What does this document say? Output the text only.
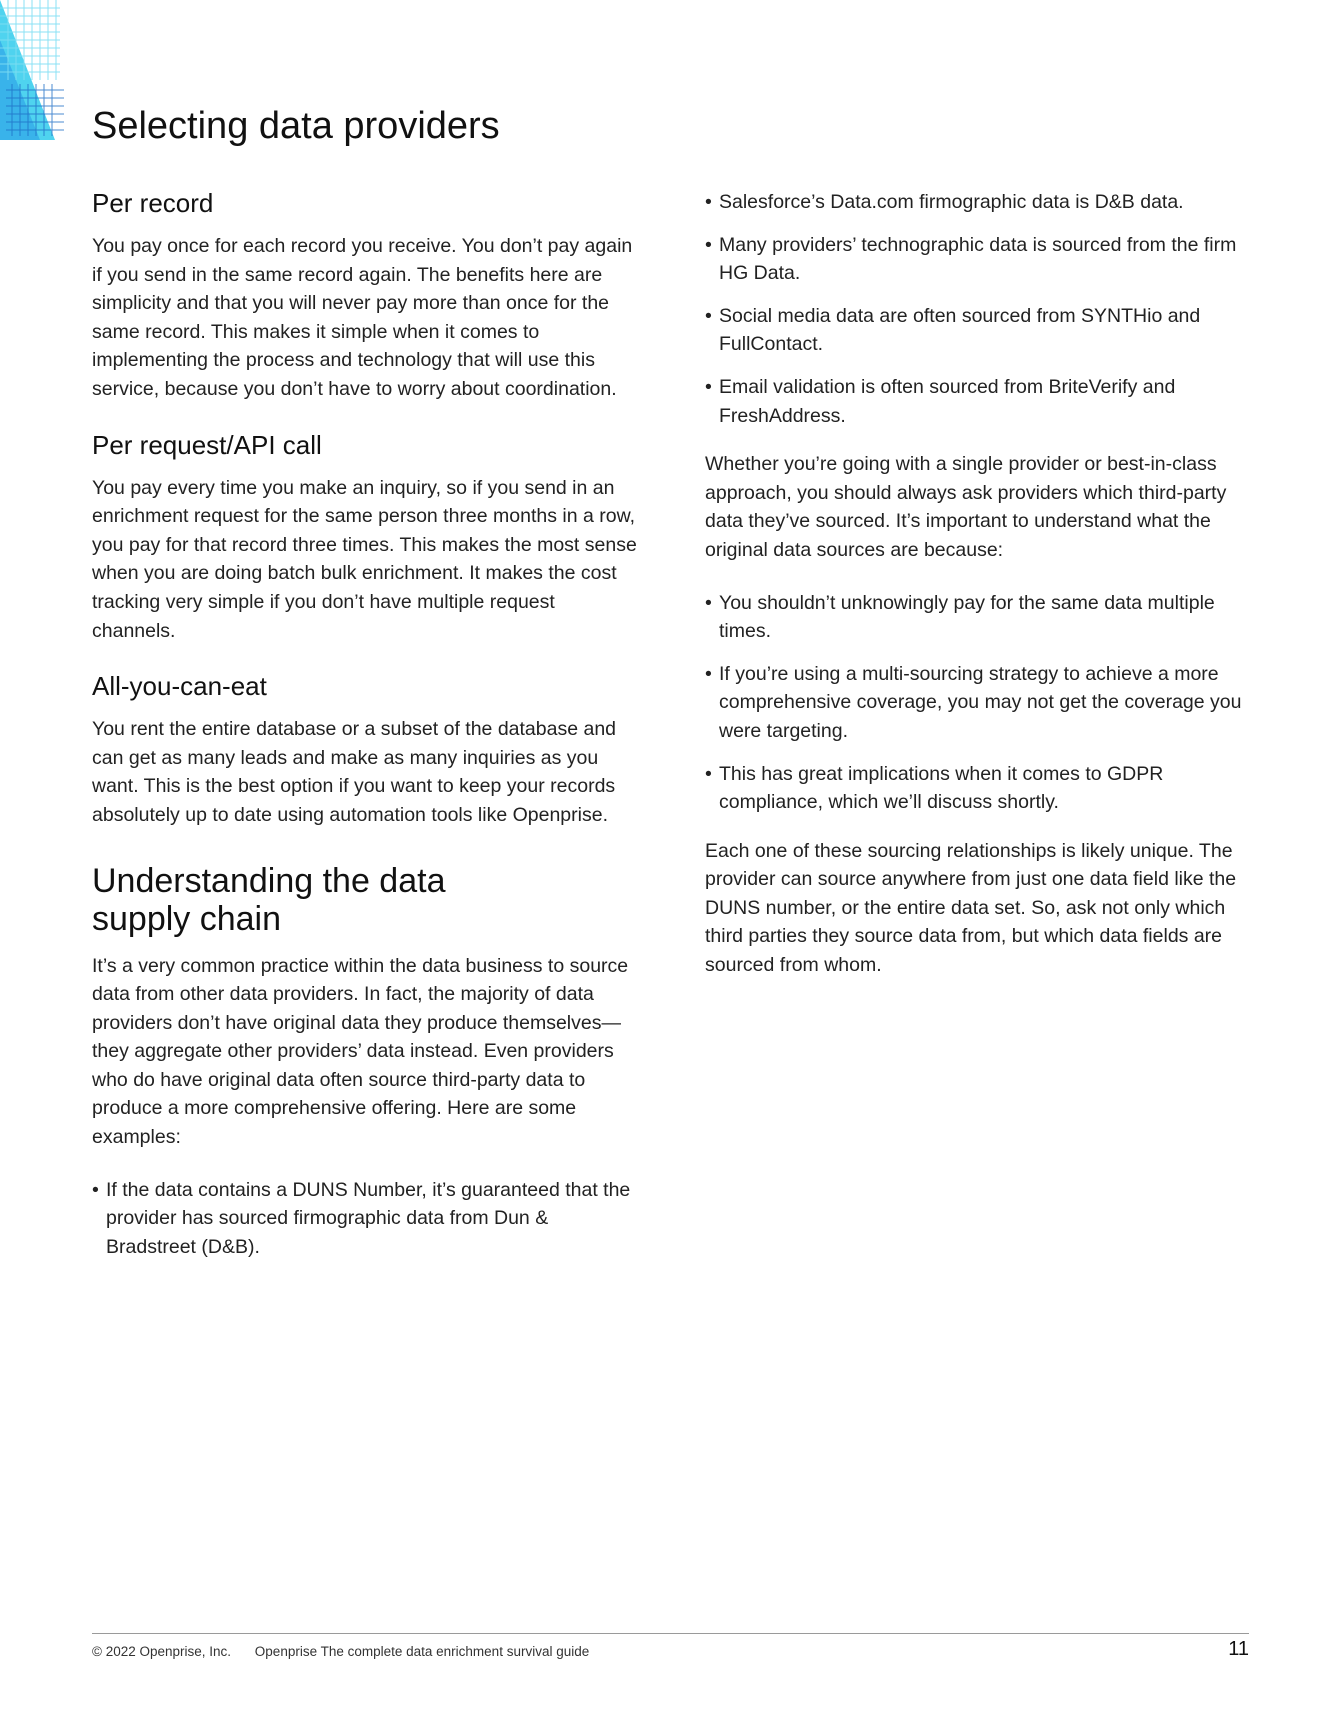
Selecting data providers
Per record

You pay once for each record you receive. You don’t pay again if you send in the same record again. The benefits here are simplicity and that you will never pay more than once for the same record. This makes it simple when it comes to implementing the process and technology that will use this service, because you don’t have to worry about coordination.

Per request/API call

You pay every time you make an inquiry, so if you send in an enrichment request for the same person three months in a row, you pay for that record three times. This makes the most sense when you are doing batch bulk enrichment. It makes the cost tracking very simple if you don’t have multiple request channels.

All-you-can-eat

You rent the entire database or a subset of the database and can get as many leads and make as many inquiries as you want. This is the best option if you want to keep your records absolutely up to date using automation tools like Openprise.

Understanding the data
supply chain

It’s a very common practice within the data business to source data from other data providers. In fact, the majority of data providers don’t have original data they produce themselves—they aggregate other providers’ data instead. Even providers who do have original data often source third-party data to produce a more comprehensive offering. Here are some examples:

• If the data contains a DUNS Number, it’s guaranteed that the provider has sourced firmographic data from Dun & Bradstreet (D&B).
• Salesforce’s Data.com firmographic data is D&B data.
• Many providers’ technographic data is sourced from the firm HG Data.
• Social media data are often sourced from SYNTHio and FullContact.
• Email validation is often sourced from BriteVerify and FreshAddress.

Whether you’re going with a single provider or best-in-class approach, you should always ask providers which third-party data they’ve sourced. It’s important to understand what the original data sources are because:

• You shouldn’t unknowingly pay for the same data multiple times.
• If you’re using a multi-sourcing strategy to achieve a more comprehensive coverage, you may not get the coverage you were targeting.
• This has great implications when it comes to GDPR compliance, which we’ll discuss shortly.

Each one of these sourcing relationships is likely unique. The provider can source anywhere from just one data field like the DUNS number, or the entire data set. So, ask not only which third parties they source data from, but which data fields are sourced from whom.

© 2022 Openprise, Inc. Openprise The complete data enrichment survival guide	11
